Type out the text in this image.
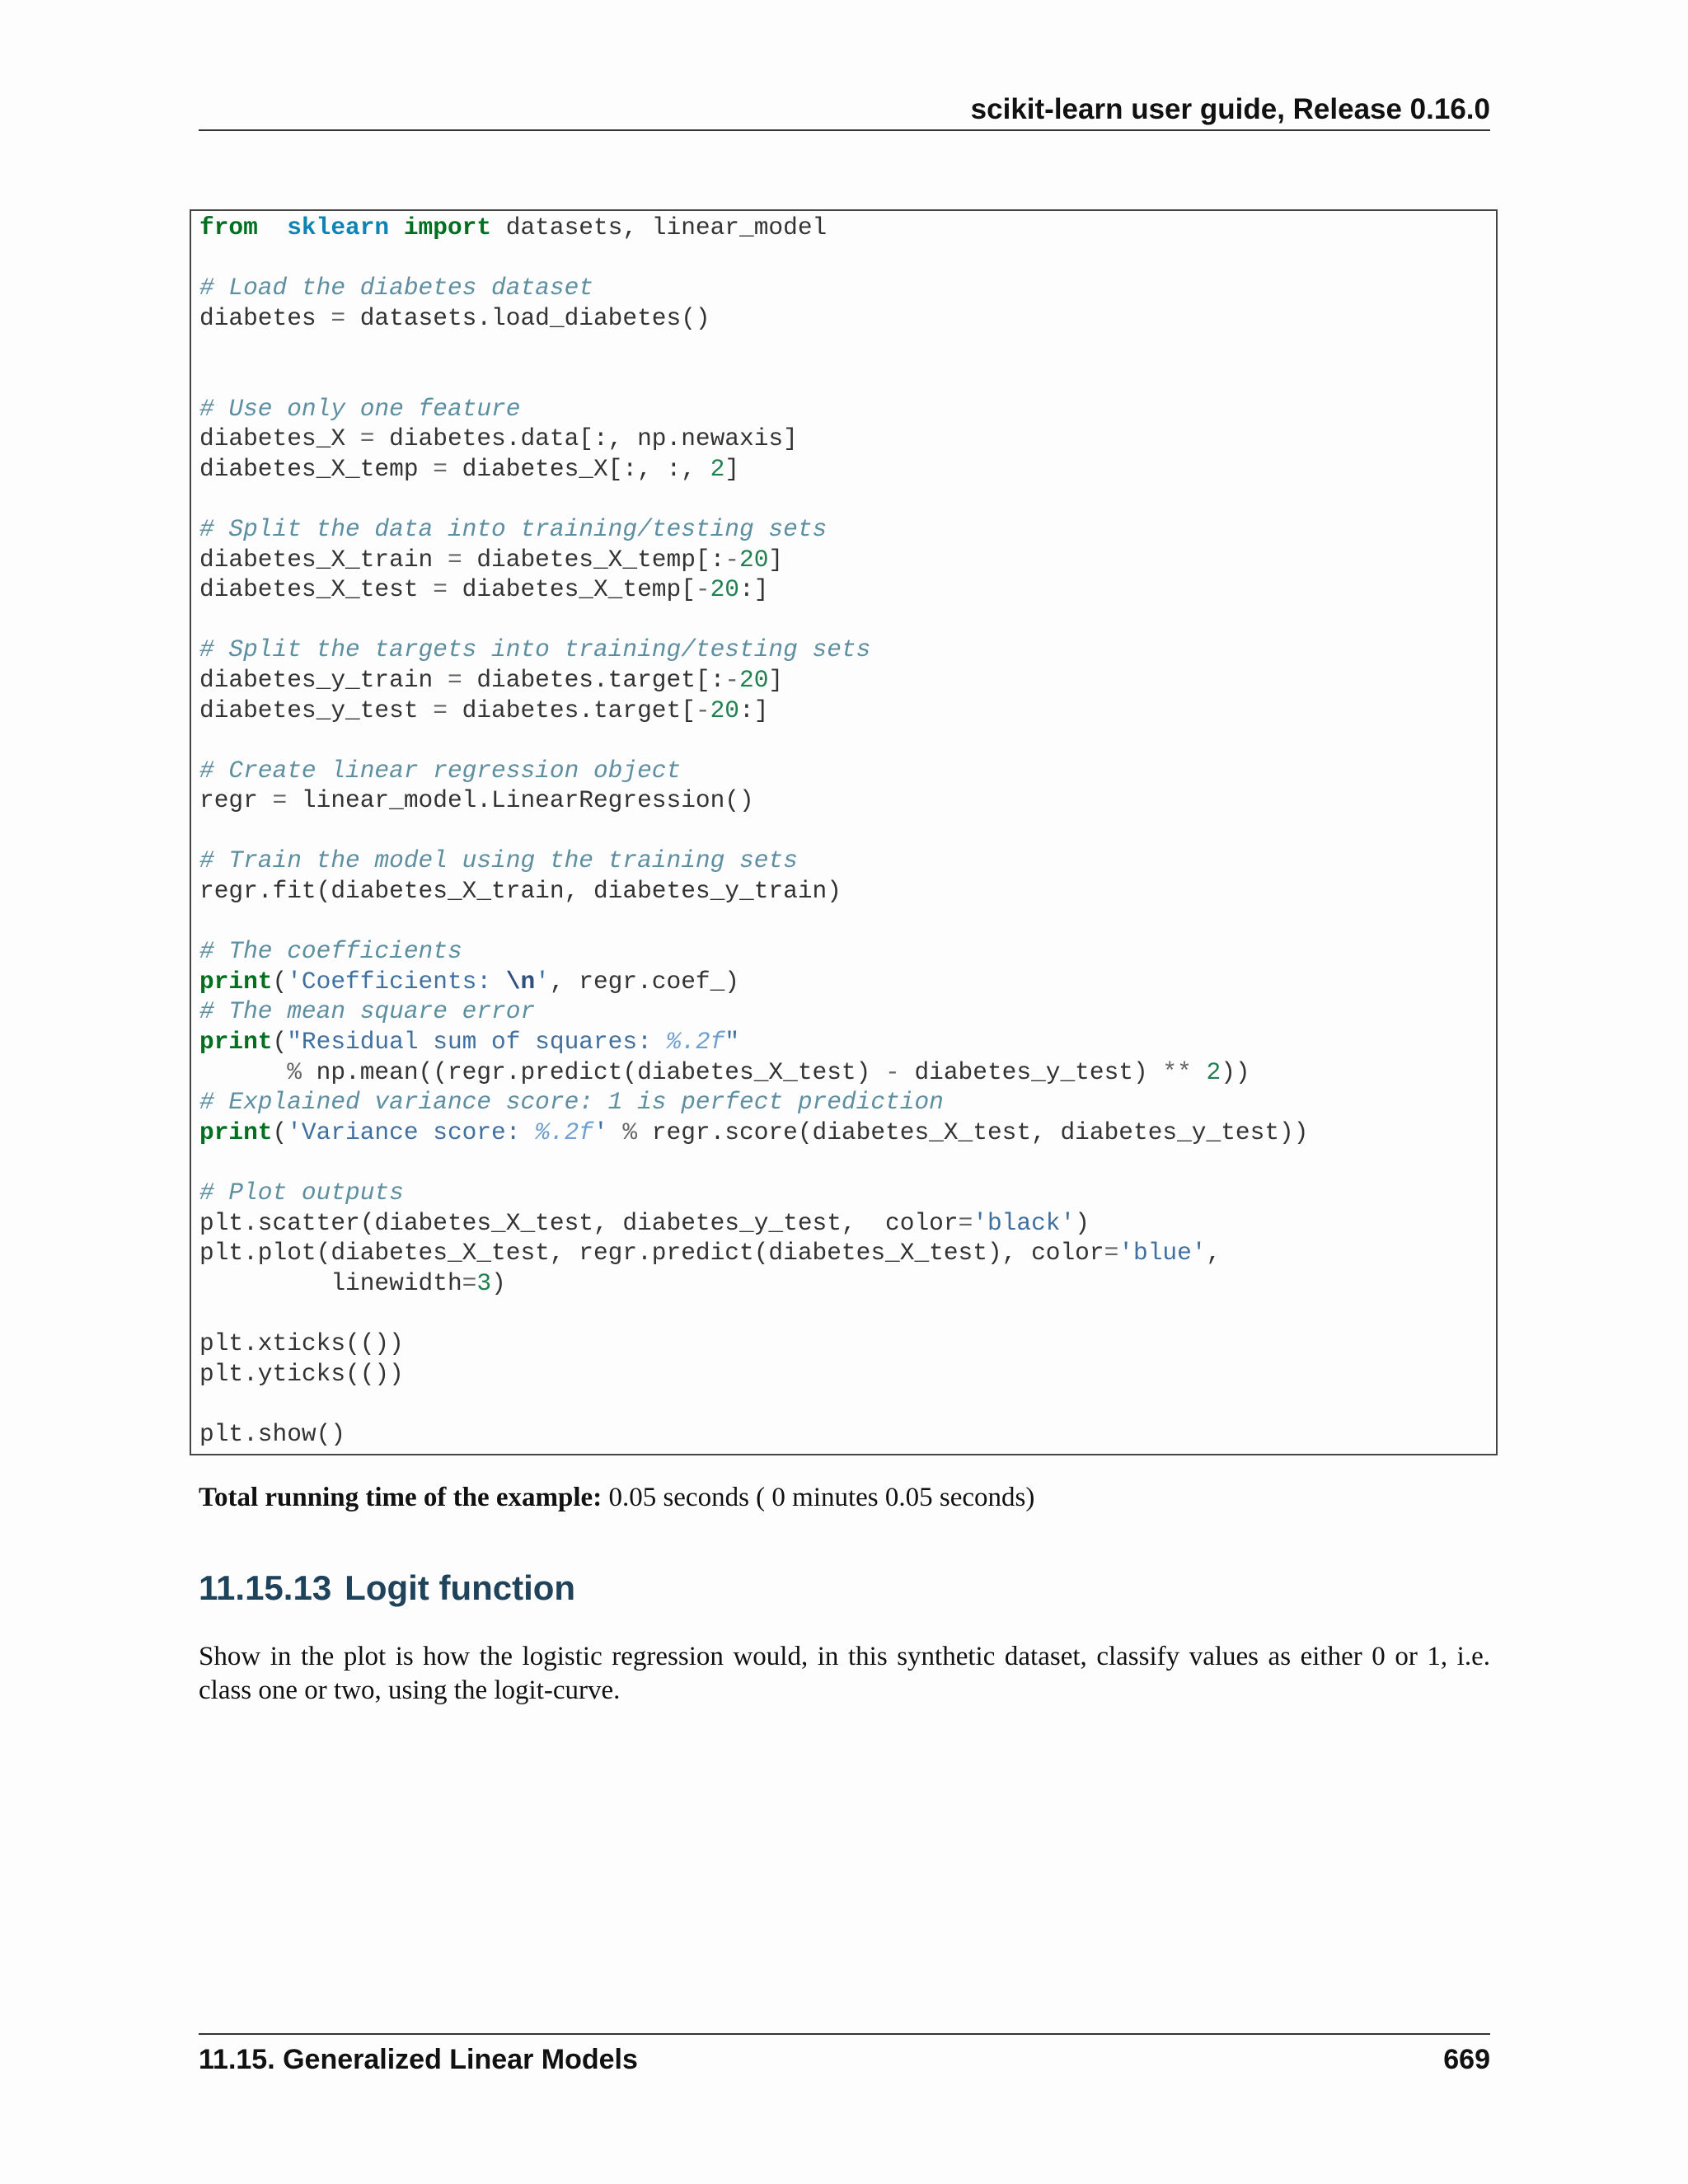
scikit-learn user guide, Release 0.16.0
from sklearn import datasets, linear_model
# Load the diabetes dataset
diabetes = datasets.load_diabetes()
# Use only one feature
diabetes_X = diabetes.data[:, np.newaxis]
diabetes_X_temp = diabetes_X[:, :, 2]
# Split the data into training/testing sets
diabetes_X_train = diabetes_X_temp[:-20]
diabetes_X_test = diabetes_X_temp[-20:]
# Split the targets into training/testing sets
diabetes_y_train = diabetes.target[:-20]
diabetes_y_test = diabetes.target[-20:]
# Create linear regression object
regr = linear_model.LinearRegression()
# Train the model using the training sets
regr.fit(diabetes_X_train, diabetes_y_train)
# The coefficients
print('Coefficients: \n', regr.coef_)
# The mean square error
print("Residual sum of squares: %.2f"
% np.mean((regr.predict(diabetes_X_test) - diabetes_y_test) ** 2))
# Explained variance score: 1 is perfect prediction
print('Variance score: %.2f' % regr.score(diabetes_X_test, diabetes_y_test))
# Plot outputs
plt.scatter(diabetes_X_test, diabetes_y_test,  color='black')
plt.plot(diabetes_X_test, regr.predict(diabetes_X_test), color='blue',
linewidth=3)
plt.xticks(())
plt.yticks(())
plt.show()
Total running time of the example: 0.05 seconds ( 0 minutes 0.05 seconds)
11.15.13 Logit function

Show in the plot is how the logistic regression would, in this synthetic dataset, classify values as either 0 or 1, i.e. class one or two, using the logit-curve.

11.15. Generalized Linear Models	669
